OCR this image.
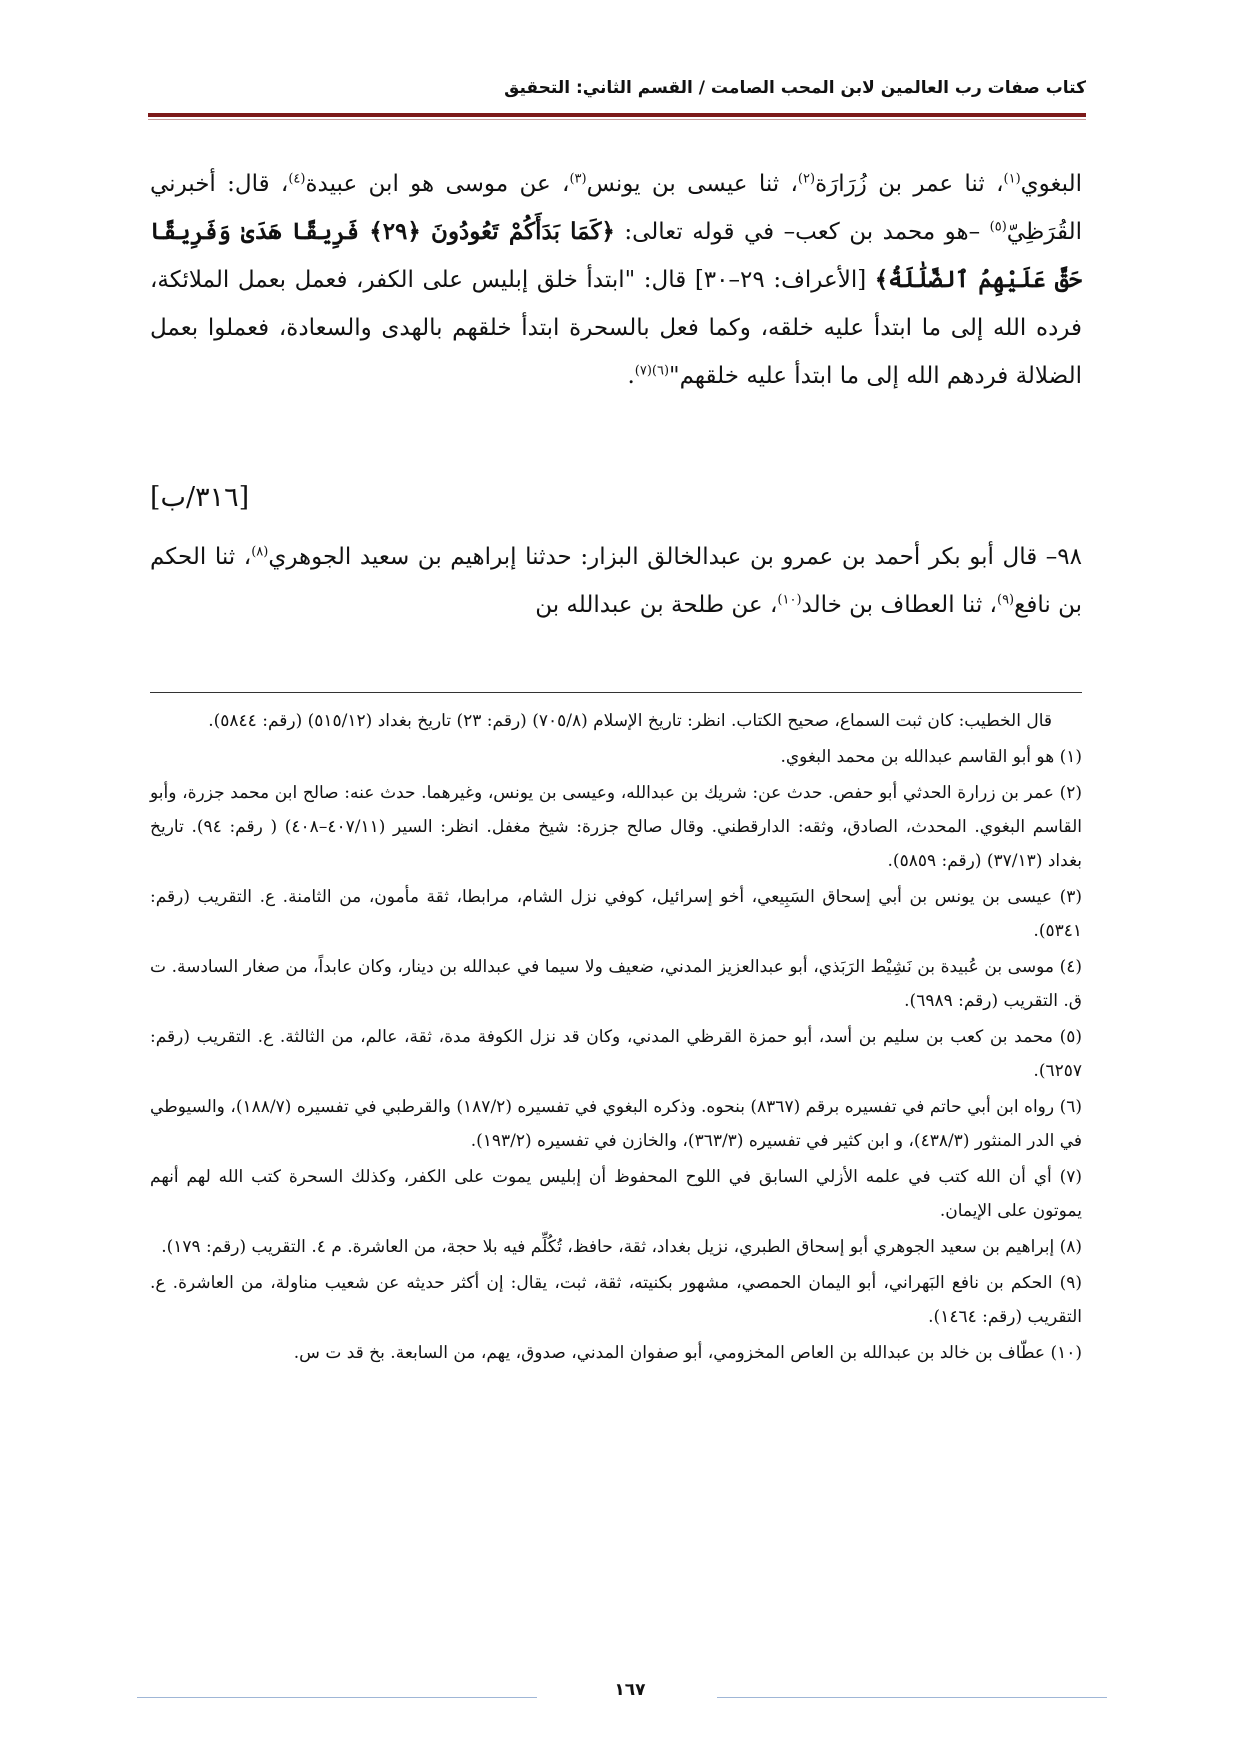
كتاب صفات رب العالمين لابن المحب الصامت / القسم الثاني: التحقيق

البغوي$^{(١)}$، ثنا عمر بن زُرَارَة$^{(٢)}$، ثنا عيسى بن يونس$^{(٣)}$، عن موسى هو ابن عبيدة$^{(٤)}$، قال: أخبرني القُرَظِيّ$^{(٥)}$ –هو محمد بن كعب– في قوله تعالى: ﴿كَمَا بَدَأَكُمْ تَعُودُونَ ﴿٢٩﴾ فَرِيقًا هَدَىٰ وَفَرِيقًا حَقَّ عَلَيْهِمُ ٱلضَّلَٰلَةُ﴾ [الأعراف: ٢٩–٣٠] قال: "ابتدأ خلق إبليس على الكفر، فعمل بعمل الملائكة، فرده الله إلى ما ابتدأ عليه خلقه، وكما فعل بالسحرة ابتدأ خلقهم بالهدى والسعادة، فعملوا بعمل الضلالة فردهم الله إلى ما ابتدأ عليه خلقهم"$^{(٦)(٧)}$.

[٣١٦/ب]
٩٨– قال أبو بكر أحمد بن عمرو بن عبدالخالق البزار: حدثنا إبراهيم بن سعيد الجوهري$^{(٨)}$، ثنا الحكم بن نافع$^{(٩)}$، ثنا العطاف بن خالد$^{(١٠)}$، عن طلحة بن عبدالله بن

قال الخطيب: كان ثبت السماع، صحيح الكتاب. انظر: تاريخ الإسلام (٧٠٥/٨) (رقم: ٢٣) تاريخ بغداد (٥١٥/١٢) (رقم: ٥٨٤٤).

(١) هو أبو القاسم عبدالله بن محمد البغوي.

(٢) عمر بن زرارة الحدثي أبو حفص. حدث عن: شريك بن عبدالله، وعيسى بن يونس، وغيرهما. حدث عنه: صالح ابن محمد جزرة، وأبو القاسم البغوي. المحدث، الصادق، وثقه: الدارقطني. وقال صالح جزرة: شيخ مغفل. انظر: السير (٤٠٧/١١–٤٠٨) ( رقم: ٩٤). تاريخ بغداد (٣٧/١٣) (رقم: ٥٨٥٩).

(٣) عيسى بن يونس بن أبي إسحاق السَبِيعي، أخو إسرائيل، كوفي نزل الشام، مرابطا، ثقة مأمون، من الثامنة. ع. التقريب (رقم: ٥٣٤١).

(٤) موسى بن عُبيدة بن نَشِيْط الرَبَذي، أبو عبدالعزيز المدني، ضعيف ولا سيما في عبدالله بن دينار، وكان عابداً، من صغار السادسة. ت ق. التقريب (رقم: ٦٩٨٩).

(٥) محمد بن كعب بن سليم بن أسد، أبو حمزة القرظي المدني، وكان قد نزل الكوفة مدة، ثقة، عالم، من الثالثة. ع. التقريب (رقم: ٦٢٥٧).

(٦) رواه ابن أبي حاتم في تفسيره برقم (٨٣٦٧) بنحوه. وذكره البغوي في تفسيره (١٨٧/٢) والقرطبي في تفسيره (١٨٨/٧)، والسيوطي في الدر المنثور (٤٣٨/٣)، و ابن كثير في تفسيره (٣٦٣/٣)، والخازن في تفسيره (١٩٣/٢).

(٧) أي أن الله كتب في علمه الأزلي السابق في اللوح المحفوظ أن إبليس يموت على الكفر، وكذلك السحرة كتب الله لهم أنهم يموتون على الإيمان.

(٨) إبراهيم بن سعيد الجوهري أبو إسحاق الطبري، نزيل بغداد، ثقة، حافظ، تُكُلِّم فيه بلا حجة، من العاشرة. م ٤. التقريب (رقم: ١٧٩).

(٩) الحكم بن نافع البَهراني، أبو اليمان الحمصي، مشهور بكنيته، ثقة، ثبت، يقال: إن أكثر حديثه عن شعيب مناولة، من العاشرة. ع. التقريب (رقم: ١٤٦٤).

(١٠) عطّاف بن خالد بن عبدالله بن العاص المخزومي، أبو صفوان المدني، صدوق، يهم، من السابعة. بخ قد ت س.

١٦٧
